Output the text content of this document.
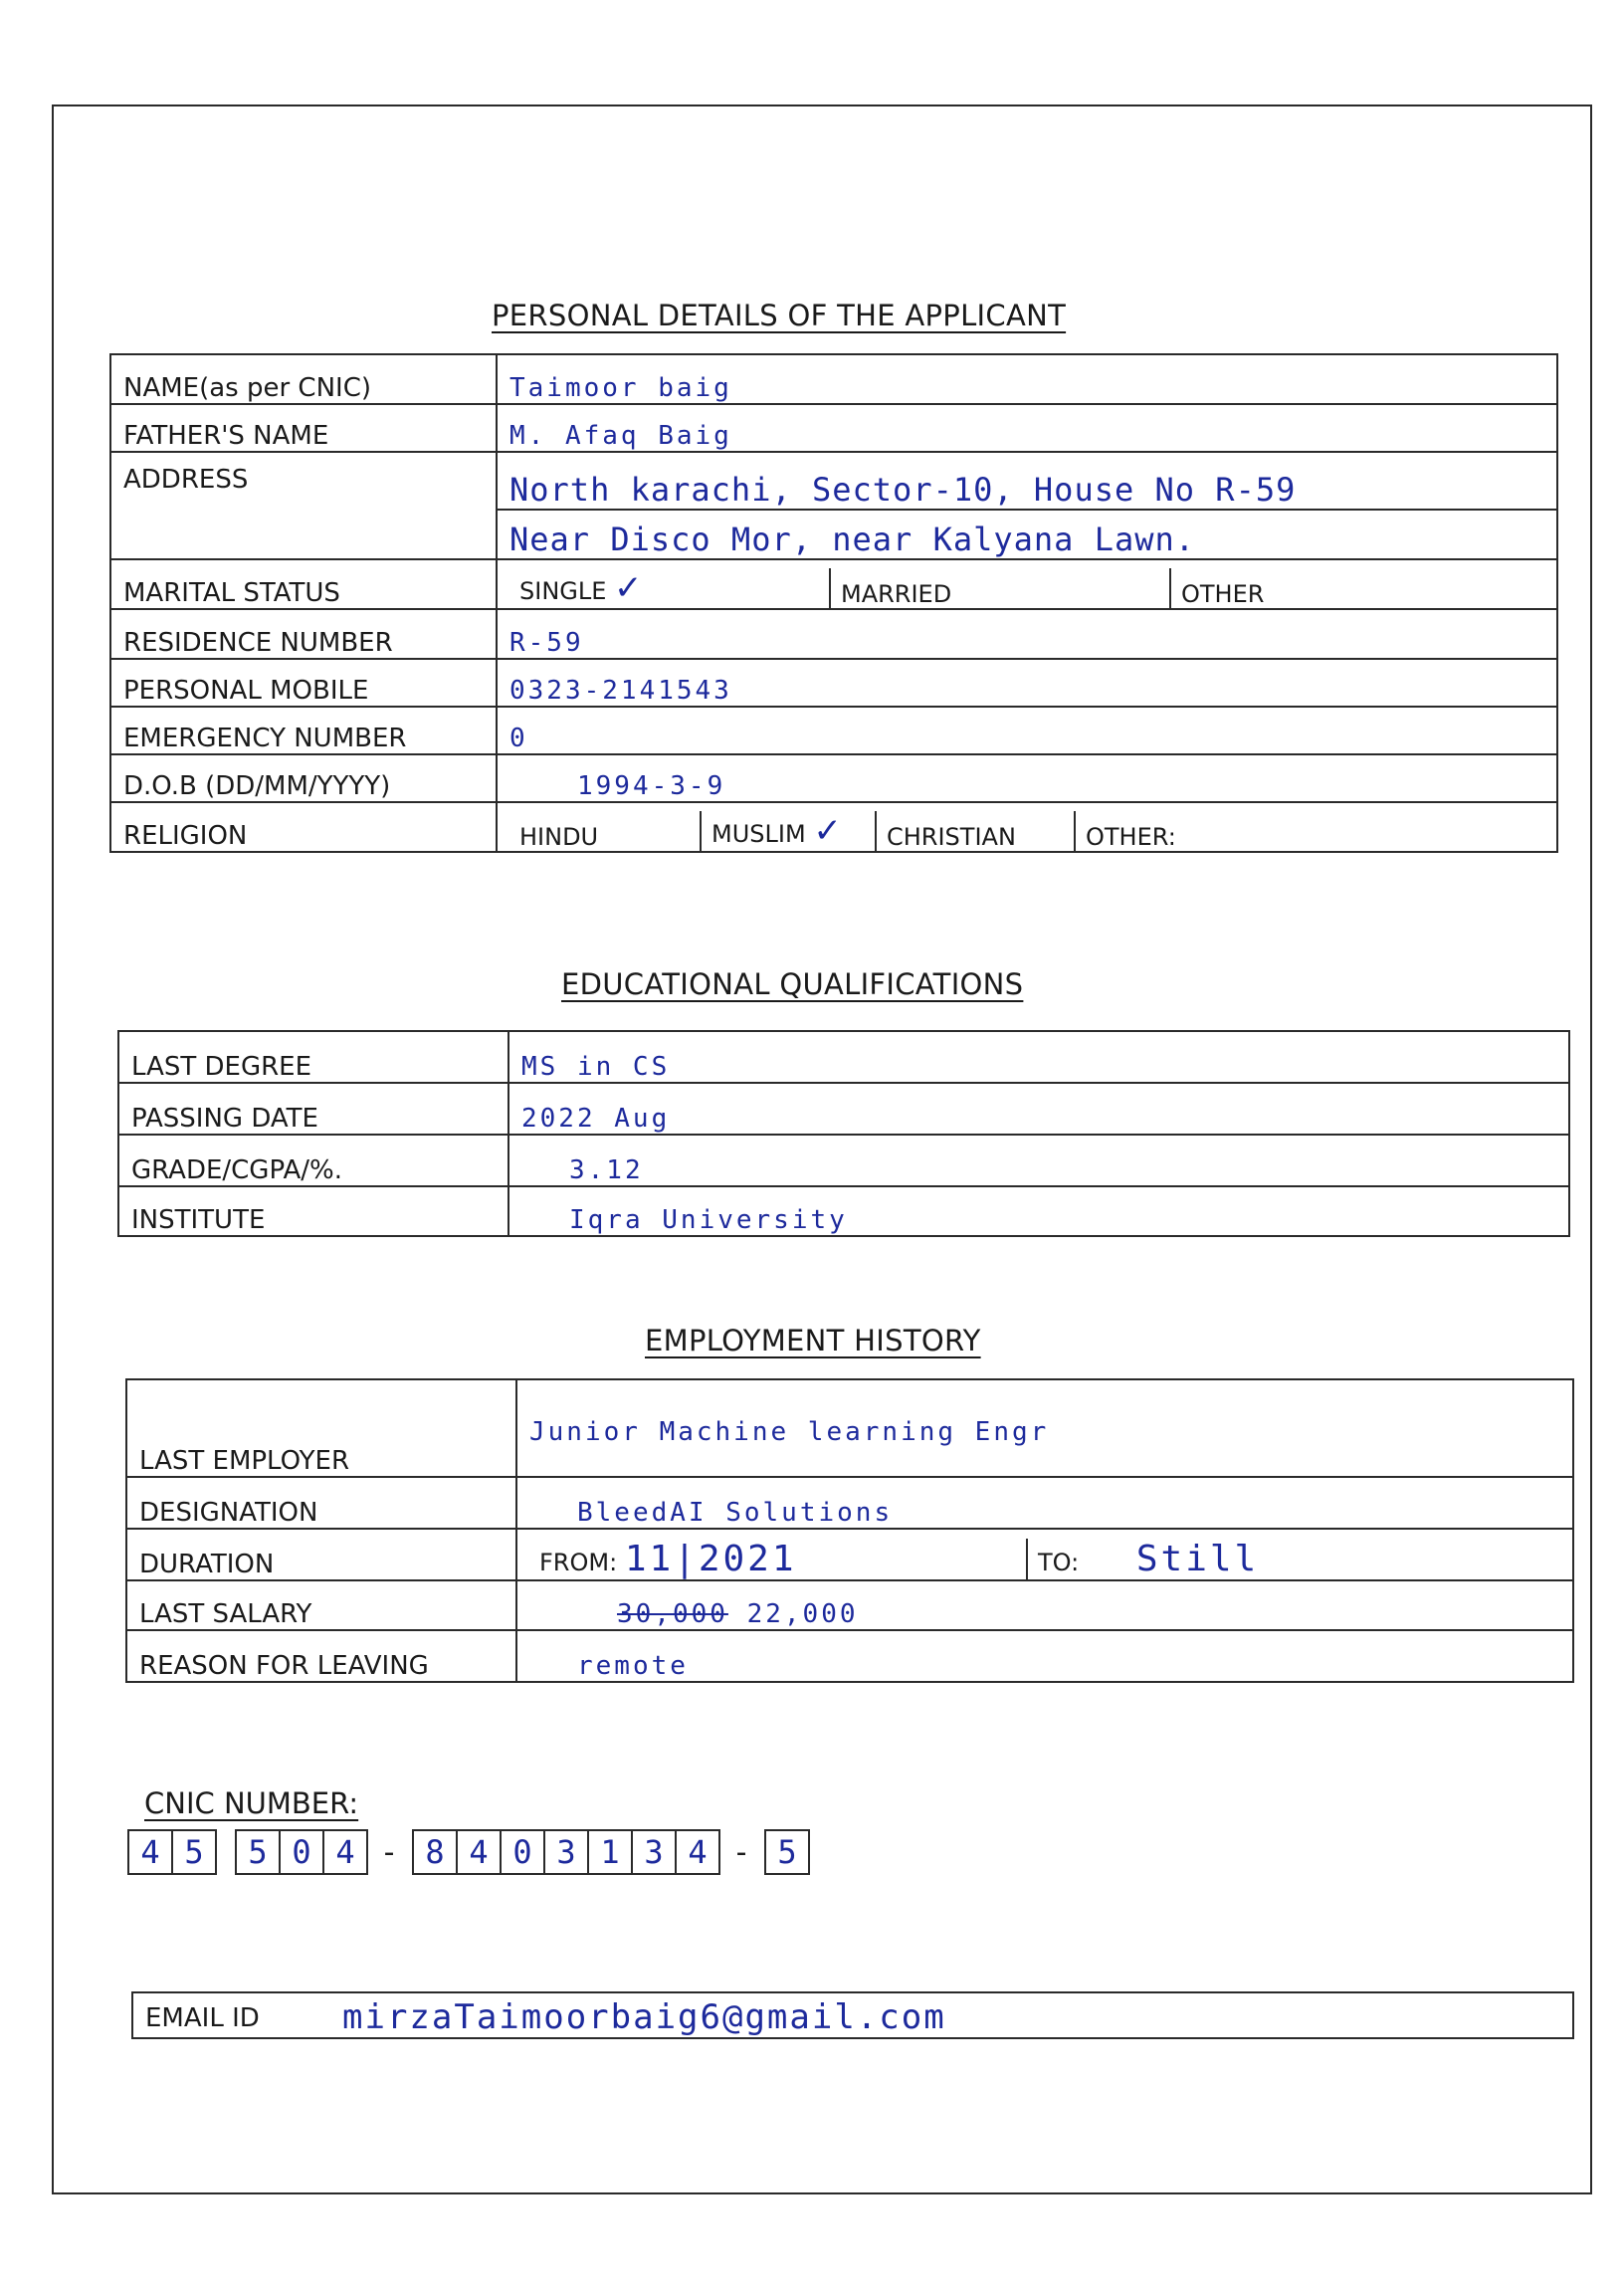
PERSONAL DETAILS OF THE APPLICANT
NAME(as per CNIC)	Taimoor baig
FATHER'S NAME	M. Afaq Baig
ADDRESS	North karachi, Sector-10, House No R-59
Near Disco Mor, near Kalyana Lawn.
MARITAL STATUS		SINGLE ✓	MARRIED	OTHER

RESIDENCE NUMBER	R-59
PERSONAL MOBILE	0323-2141543
EMERGENCY NUMBER	0
D.O.B (DD/MM/YYYY)	1994-3-9
RELIGION		HINDU	MUSLIM ✓	CHRISTIAN	OTHER:
EDUCATIONAL QUALIFICATIONS
LAST DEGREE	MS in CS
PASSING DATE	2022 Aug
GRADE/CGPA/%.	3.12
INSTITUTE	Iqra University
EMPLOYMENT HISTORY
LAST EMPLOYER	Junior Machine learning Engr
DESIGNATION	BleedAI Solutions
DURATION		FROM: 11|2021	TO: Still

LAST SALARY	30,000 22,000
REASON FOR LEAVING	remote
CNIC NUMBER:
4 5	5 0 4 - 8 4 0 3 1 3 4 - 5
EMAIL ID	mirzaTaimoorbaig6@gmail.com
